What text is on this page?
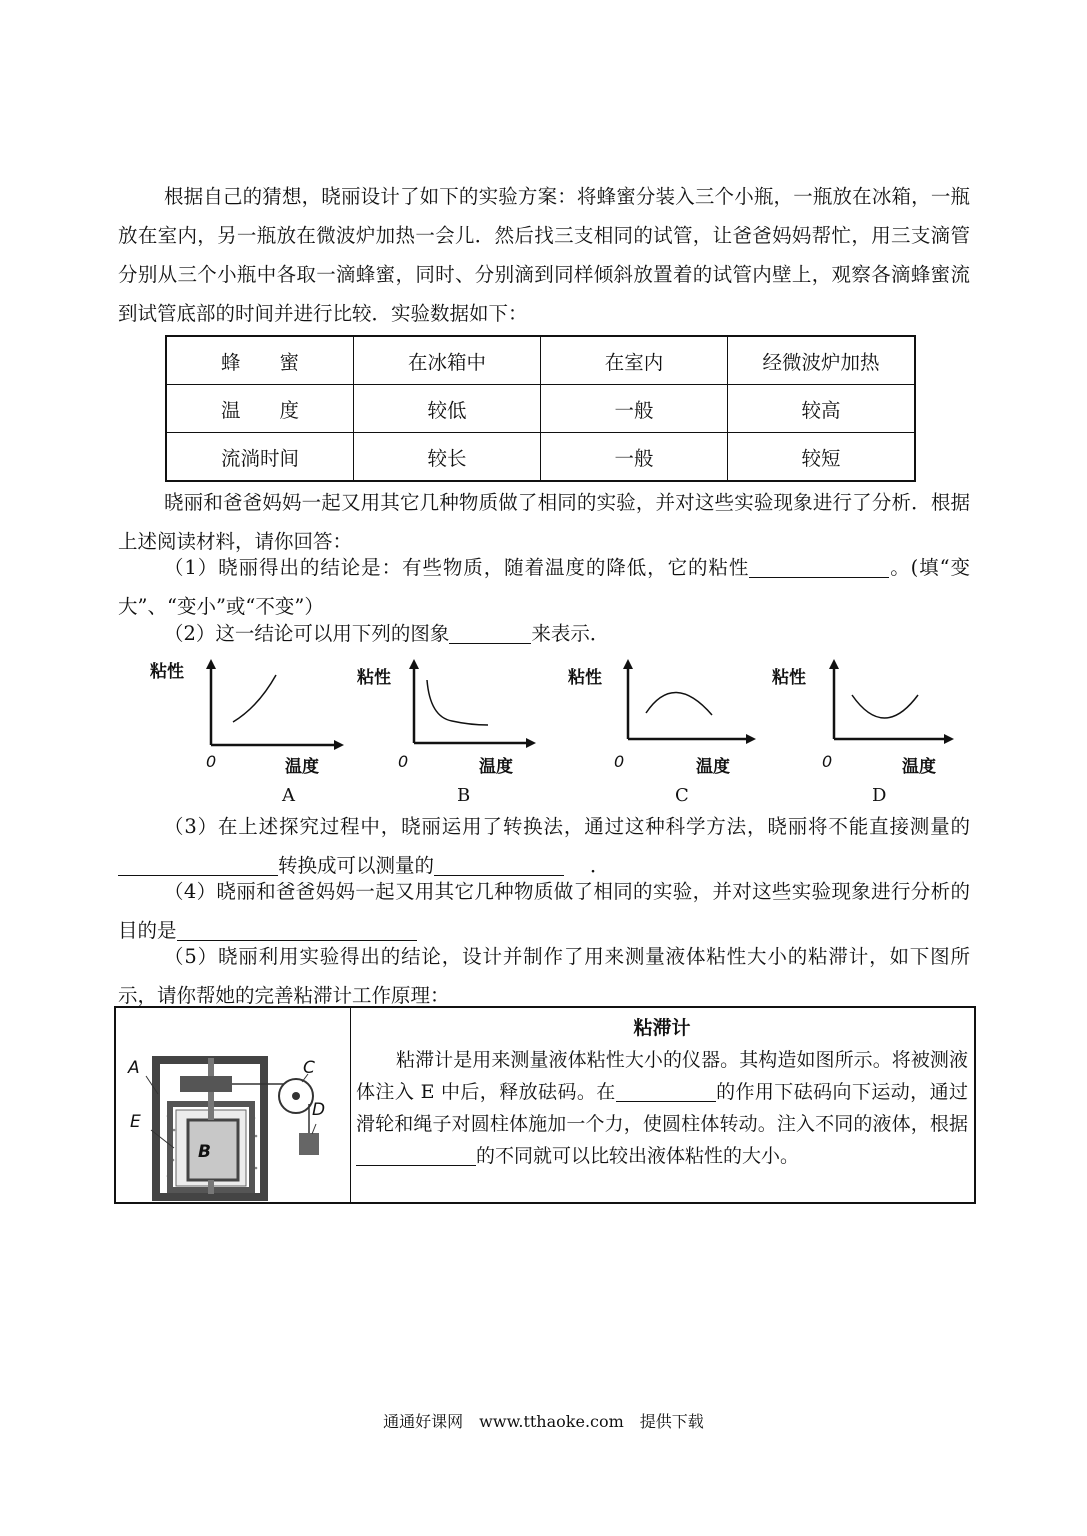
根据自己的猜想，晓丽设计了如下的实验方案：将蜂蜜分装入三个小瓶，一瓶放在冰箱，一瓶放在室内，另一瓶放在微波炉加热一会儿．然后找三支相同的试管，让爸爸妈妈帮忙，用三支滴管分别从三个小瓶中各取一滴蜂蜜，同时、分别滴到同样倾斜放置着的试管内壁上，观察各滴蜂蜜流到试管底部的时间并进行比较．实验数据如下：
蜂　　蜜	在冰箱中	在室内	经微波炉加热
温　　度	较低	一般	较高
流淌时间	较长	一般	较短
晓丽和爸爸妈妈一起又用其它几种物质做了相同的实验，并对这些实验现象进行了分析．根据上述阅读材料，请你回答：
（1）晓丽得出的结论是：有些物质，随着温度的降低，它的粘性	。(填“变大”、“变小”或“不变”）
（2）这一结论可以用下列的图象	来表示．
粘性
0	温度
粘性
0	温度
粘性
0	温度
粘性
0	温度
A	B	C	D
（3）在上述探究过程中，晓丽运用了转换法，通过这种科学方法，晓丽将不能直接测量的转换成可以测量的	．
（4）晓丽和爸爸妈妈一起又用其它几种物质做了相同的实验，并对这些实验现象进行分析的目的是
（5）晓丽利用实验得出的结论，设计并制作了用来测量液体粘性大小的粘滞计，如下图所示，请你帮她的完善粘滞计工作原理：
A
E
B
C
D
粘滞计
粘滞计是用来测量液体粘性大小的仪器。其构造如图所示。将被测液体注入 E 中后，释放砝码。在	的作用下砝码向下运动，通过滑轮和绳子对圆柱体施加一个力，使圆柱体转动。注入不同的液体，根据的不同就可以比较出液体粘性的大小。
通通好课网　www.tthaoke.com　提供下载
